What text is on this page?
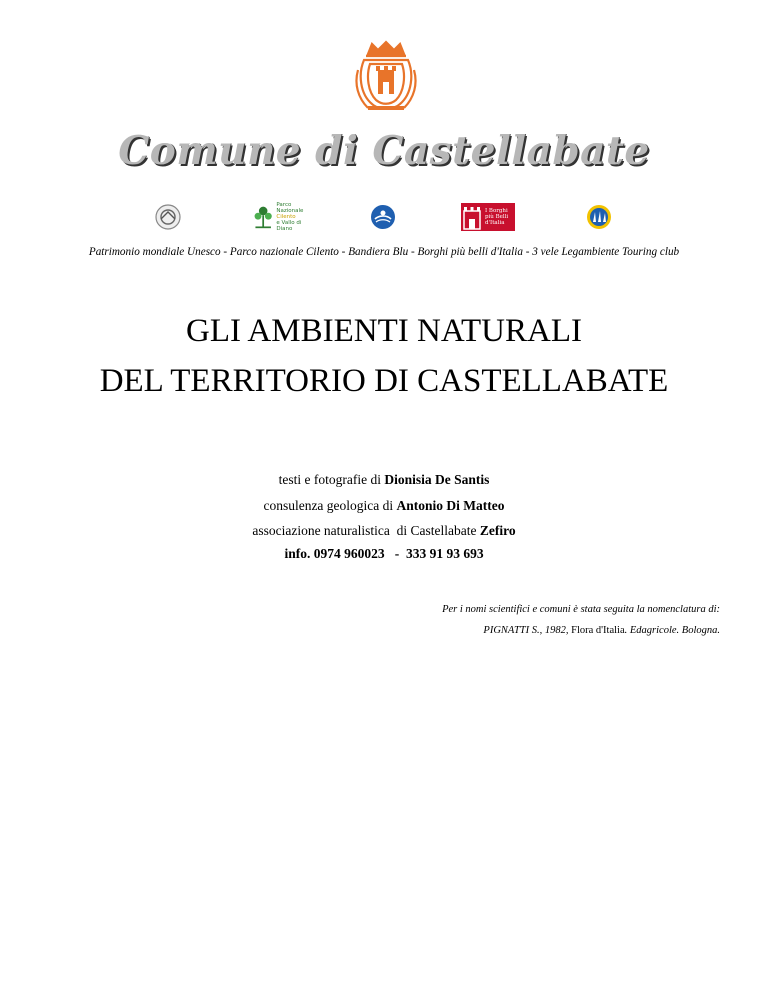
Comune di Castellabate
Parco Nazionale
Cilento
e Vallo di Diano
I Borghi
più Belli
d'Italia
Patrimonio mondiale Unesco - Parco nazionale Cilento - Bandiera Blu - Borghi più belli d'Italia - 3 vele Legambiente Touring club
GLI AMBIENTI NATURALI
DEL TERRITORIO DI CASTELLABATE
testi e fotografie di Dionisia De Santis
consulenza geologica di Antonio Di Matteo
associazione naturalistica  di Castellabate Zefiro
info. 0974 960023   -  333 91 93 693
Per i nomi scientifici e comuni è stata seguita la nomenclatura di:
PIGNATTI S., 1982, Flora d'Italia. Edagricole. Bologna.
